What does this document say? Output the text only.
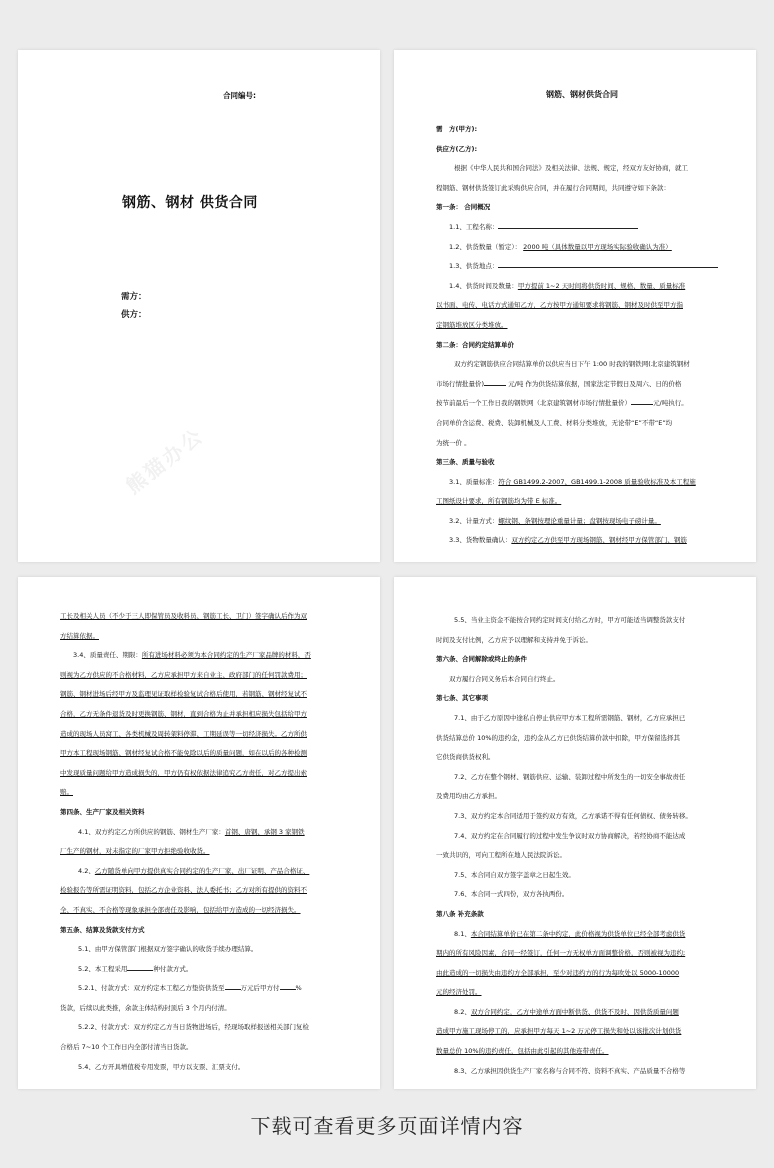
合同编号:
钢筋、钢材 供货合同
需方：
供方：
熊猫办公

钢筋、钢材供货合同

需　方(甲方):

供应方(乙方):

根据《中华人民共和国合同法》及相关法律、法规、规定，经双方友好协商，就工

程钢筋、钢材供货签订此采购供应合同，并在履行合同期间，共同遵守如下条款：

第一条： 合同概况

1.1、工程名称：

1.2、供货数量（暂定）： 2000 吨（具体数量以甲方现场实际验收确认为准）

1.3、供货地点：

1.4、供货时间及数量：甲方提前 1~2 天时间将供货时间、规格、数量、质量标准

以书面、电传、电话方式通知乙方，乙方按甲方通知要求将钢筋、钢材及时供至甲方指

定钢筋堆放区分类堆放。

第二条：合同约定结算单价

双方约定钢筋供应合同结算单价以供应当日下午 1:00 时我的钢铁网(北京建筑钢材

市场行情批量价)	元/吨 作为供货结算依据，国家法定节假日及周六、日的价格

按节前最后一个工作日我的钢铁网（北京建筑钢材市场行情批量价）	元/吨执行。

合同单价含运费、税费、装卸机械及人工费、材料分类堆放，无论带“E”不带“E”均

为统一价 。

第三条、质量与验收

3.1、质量标准：符合 GB1499.2-2007、GB1499.1-2008 质量验收标准及本工程施

工图纸设计要求，所有钢筋均为带 E 标准。

3.2、计量方式：螺纹钢、条钢按理论重量计量；盘钢按现场电子磅计量。

3.3、货物数量确认：双方约定乙方供至甲方现场钢筋、钢材经甲方保管部门、钢筋

工长及相关人员（不少于三人即保管员及收料员、钢筋工长、卫门）签字确认后作为双

方结算依据。

3.4、质量责任、期限：所有进场材料必须为本合同约定的生产厂家品牌的材料，否

则视为乙方供应的不合格材料，乙方应承担甲方来自业主、政府部门的任何罚款费用；

钢筋、钢材进场后经甲方及监理见证取样检验复试合格后使用，若钢筋、钢材经复试不

合格，乙方无条件退货及时更换钢筋、钢材，直到合格为止并承担相应损失包括给甲方

造成的现场人员窝工、各类机械及周转架料停滞、工期延误等一切经济损失。乙方所供

甲方本工程现场钢筋、钢材经复试合格不能免除以后的质量问题，如在以后的各种检测

中发现质量问题给甲方造成损失的，甲方仍有权依据法律追究乙方责任，对乙方提出索

赔。

第四条、生产厂家及相关资料

4.1、双方约定乙方所供应的钢筋、钢材生产厂家：首钢、唐钢、承钢 3 家钢铁

厂生产的钢材，对未指定的厂家甲方拒绝验收收货。

4.2、乙方随货单向甲方提供真实合同约定的生产厂家、出厂证明、产品合格证、

检验报告等所需证明资料，包括乙方企业资料、法人委托书；乙方对所有提供的资料不

全、不真实、不合格等现象承担全部责任及影响，包括给甲方造成的一切经济损失。

第五条、结算及货款支付方式

5.1、由甲方保管部门根据双方签字确认的收货手续办理结算。

5.2、本工程采用	种付款方式。

5.2.1、付款方式：双方约定本工程乙方垫资供货至 万元后甲方付 %

货款，后续以此类推，余款主体结构封顶后 3 个月内付清。

5.2.2、付款方式：双方约定乙方当日货物进场后，经现场取样报送相关部门复检

合格后 7~10 个工作日内全部付清当日货款。

5.4、乙方开具增值税专用发票，甲方以支票、汇票支付。

5.5、当业主资金不能按合同约定时间支付给乙方时，甲方可能适当调整货款支付

时间及支付比例，乙方应予以理解和支持并免于诉讼。

第六条、合同解除或终止的条件

双方履行合同义务后本合同自行终止。

第七条、其它事项

7.1、由于乙方原因中途私自停止供应甲方本工程所需钢筋、钢材，乙方应承担已

供货结算总价 10%的违约金，违约金从乙方已供货结算价款中扣除，甲方保留选择其

它供货商供货权利。

7.2、乙方在整个钢材、钢筋供应、运输、装卸过程中所发生的一切安全事故责任

及费用均由乙方承担。

7.3、双方约定本合同适用于签约双方有效，乙方承诺不得有任何债权、债务转移。

7.4、双方约定在合同履行的过程中发生争议时双方协商解决，若经协商不能达成

一致共识的，可向工程所在地人民法院诉讼。

7.5、本合同自双方签字盖章之日起生效。

7.6、本合同一式四份，双方各执两份。

第八条 补充条款

8.1、本合同结算单价已在第二条中约定，此价格视为供货单位已经全部考虑供货

期内的所有风险因素，合同一经签订，任何一方无权单方面调整价格，否则被视为违约;

由此造成的一切损失由违约方全部承担，至少对违约方的行为每吹处以 5000-10000

元的经济处罚。

8.2、双方合同约定，乙方中途单方面中断供货、供货不及时、因供货质量问题

造成甲方施工现场停工的，应承担甲方每天 1~2 万元停工损失和处以该批次计划供货

数量总价 10%的违约责任，包括由此引起的其他连带责任。

8.3、乙方承担因供货生产厂家名称与合同不符、资料不真实、产品质量不合格等

下载可查看更多页面详情内容
